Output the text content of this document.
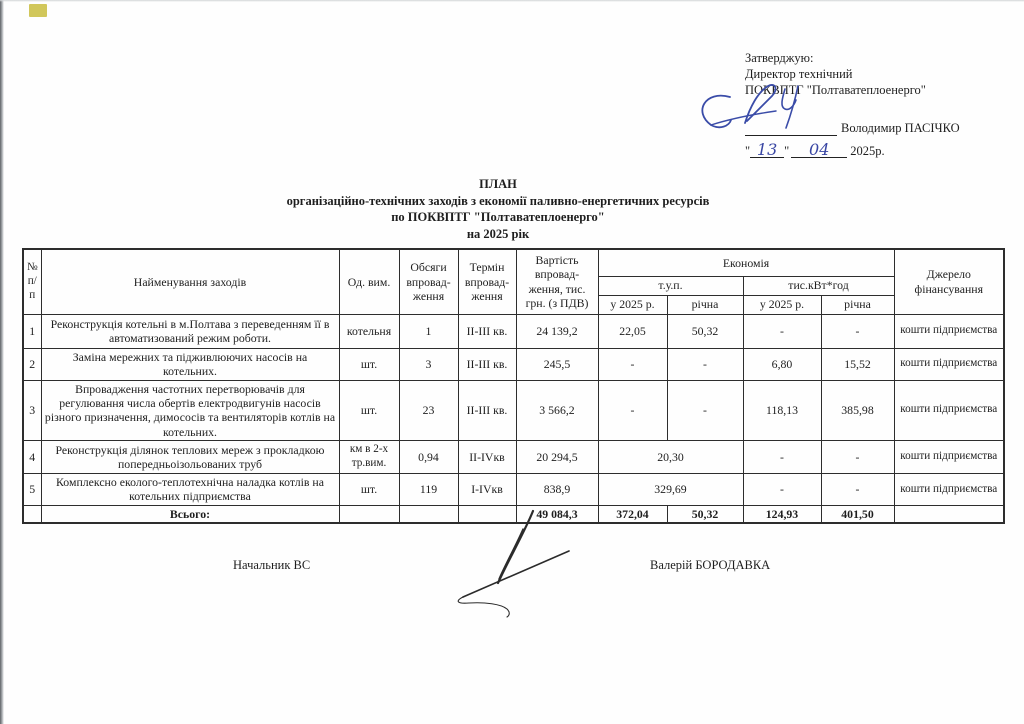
Затверджую:
Директор технічний
ПОКВПТГ "Полтаватеплоенерго"
Володимир ПАСІЧКО
" 13 " 04 2025р.
ПЛАН
організаційно-технічних заходів з економії паливно-енергетичних ресурсів
по ПОКВПТГ "Полтаватеплоенерго"
на 2025 рік
№ п/п	Найменування заходів	Од. вим.	Обсяги впровад-ження	Термін впровад-ження	Вартість впровад-ження, тис. грн. (з ПДВ)	Економія				Джерело фінансування
						т.у.п.		тис.кВт*год		
						у 2025 р.	річна	у 2025 р.	річна	
1	Реконструкція котельні в м.Полтава з переведенням її в автоматизований режим роботи.	котельня	1	II-III кв.	24 139,2	22,05	50,32	-	-	кошти підприємства
2	Заміна мережних та підживлюючих насосів на котельних.	шт.	3	II-III кв.	245,5	-	-	6,80	15,52	кошти підприємства
3	Впровадження частотних перетворювачів для регулювання числа обертів електродвигунів насосів різного призначення, димососів та вентиляторів котлів на котельних.	шт.	23	II-III кв.	3 566,2	-	-	118,13	385,98	кошти підприємства
4	Реконструкція ділянок теплових мереж з прокладкою попередньоізольованих труб	км в 2-х тр.вим.	0,94	II-IVкв	20 294,5	20,30		-	-	кошти підприємства
5	Комплексно еколого-теплотехнічна наладка котлів на котельних підприємства	шт.	119	I-IVкв	838,9	329,69		-	-	кошти підприємства
	Всього:				49 084,3	372,04	50,32	124,93	401,50	
Начальник ВС	Валерій БОРОДАВКА
